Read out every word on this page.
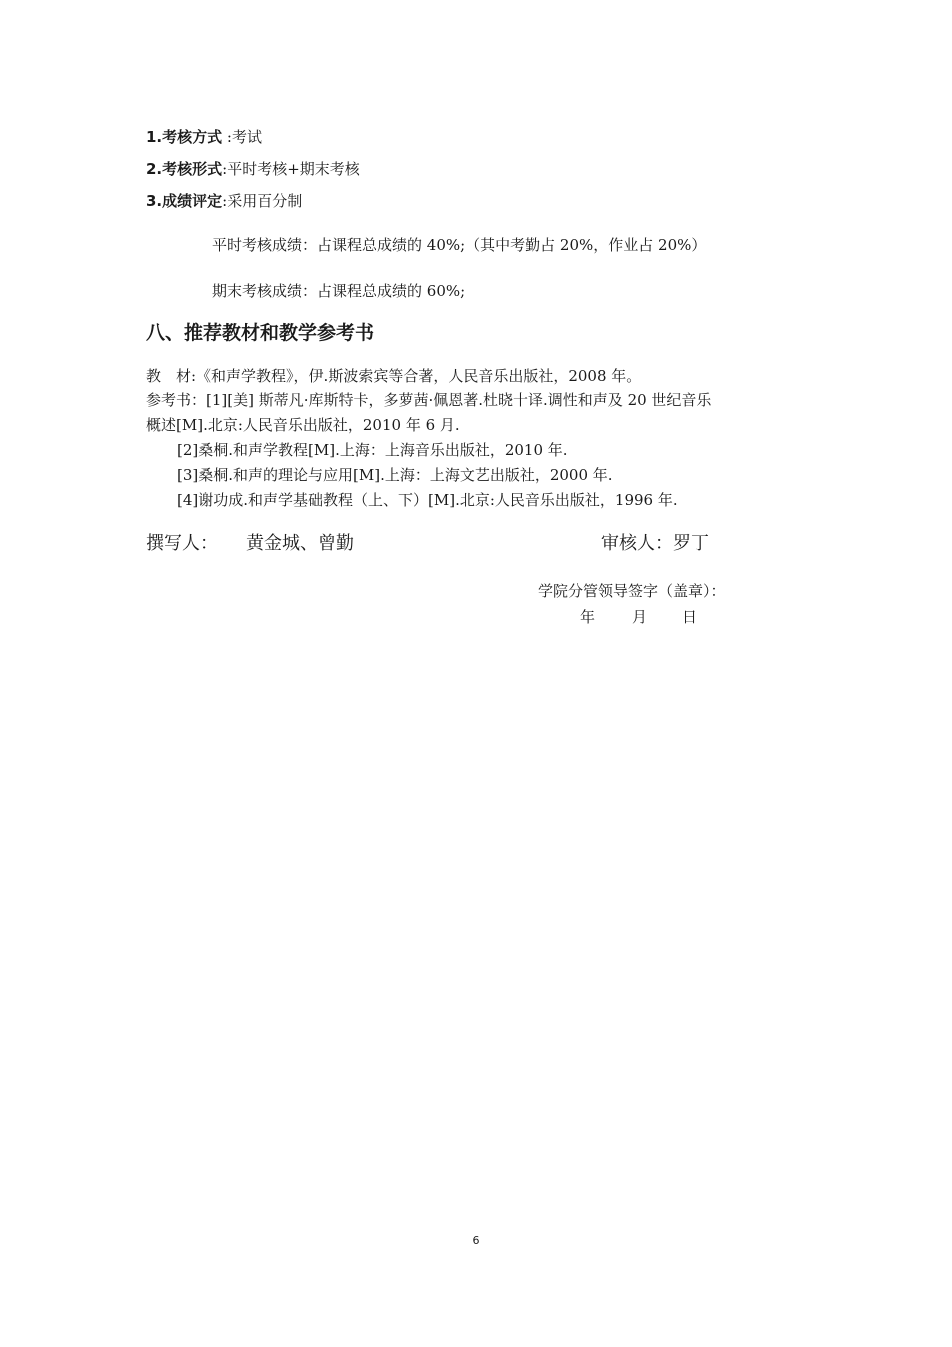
1.考核方式 :考试
2.考核形式:平时考核+期末考核
3.成绩评定:采用百分制
平时考核成绩：占课程总成绩的 40%;（其中考勤占 20%，作业占 20%）
期末考核成绩：占课程总成绩的 60%;
八、推荐教材和教学参考书
教　材:《和声学教程》，伊.斯波索宾等合著，人民音乐出版社，2008 年。
参考书：[1][美] 斯蒂凡·库斯特卡，多萝茜·佩恩著.杜晓十译.调性和声及 20 世纪音乐
概述[M].北京:人民音乐出版社，2010 年 6 月.
[2]桑桐.和声学教程[M].上海：上海音乐出版社，2010 年.
[3]桑桐.和声的理论与应用[M].上海：上海文艺出版社，2000 年.
[4]谢功成.和声学基础教程（上、下）[M].北京:人民音乐出版社，1996 年.
撰写人： 黄金城、曾勤	审核人：罗丁
学院分管领导签字（盖章）：
年 月 日
6
